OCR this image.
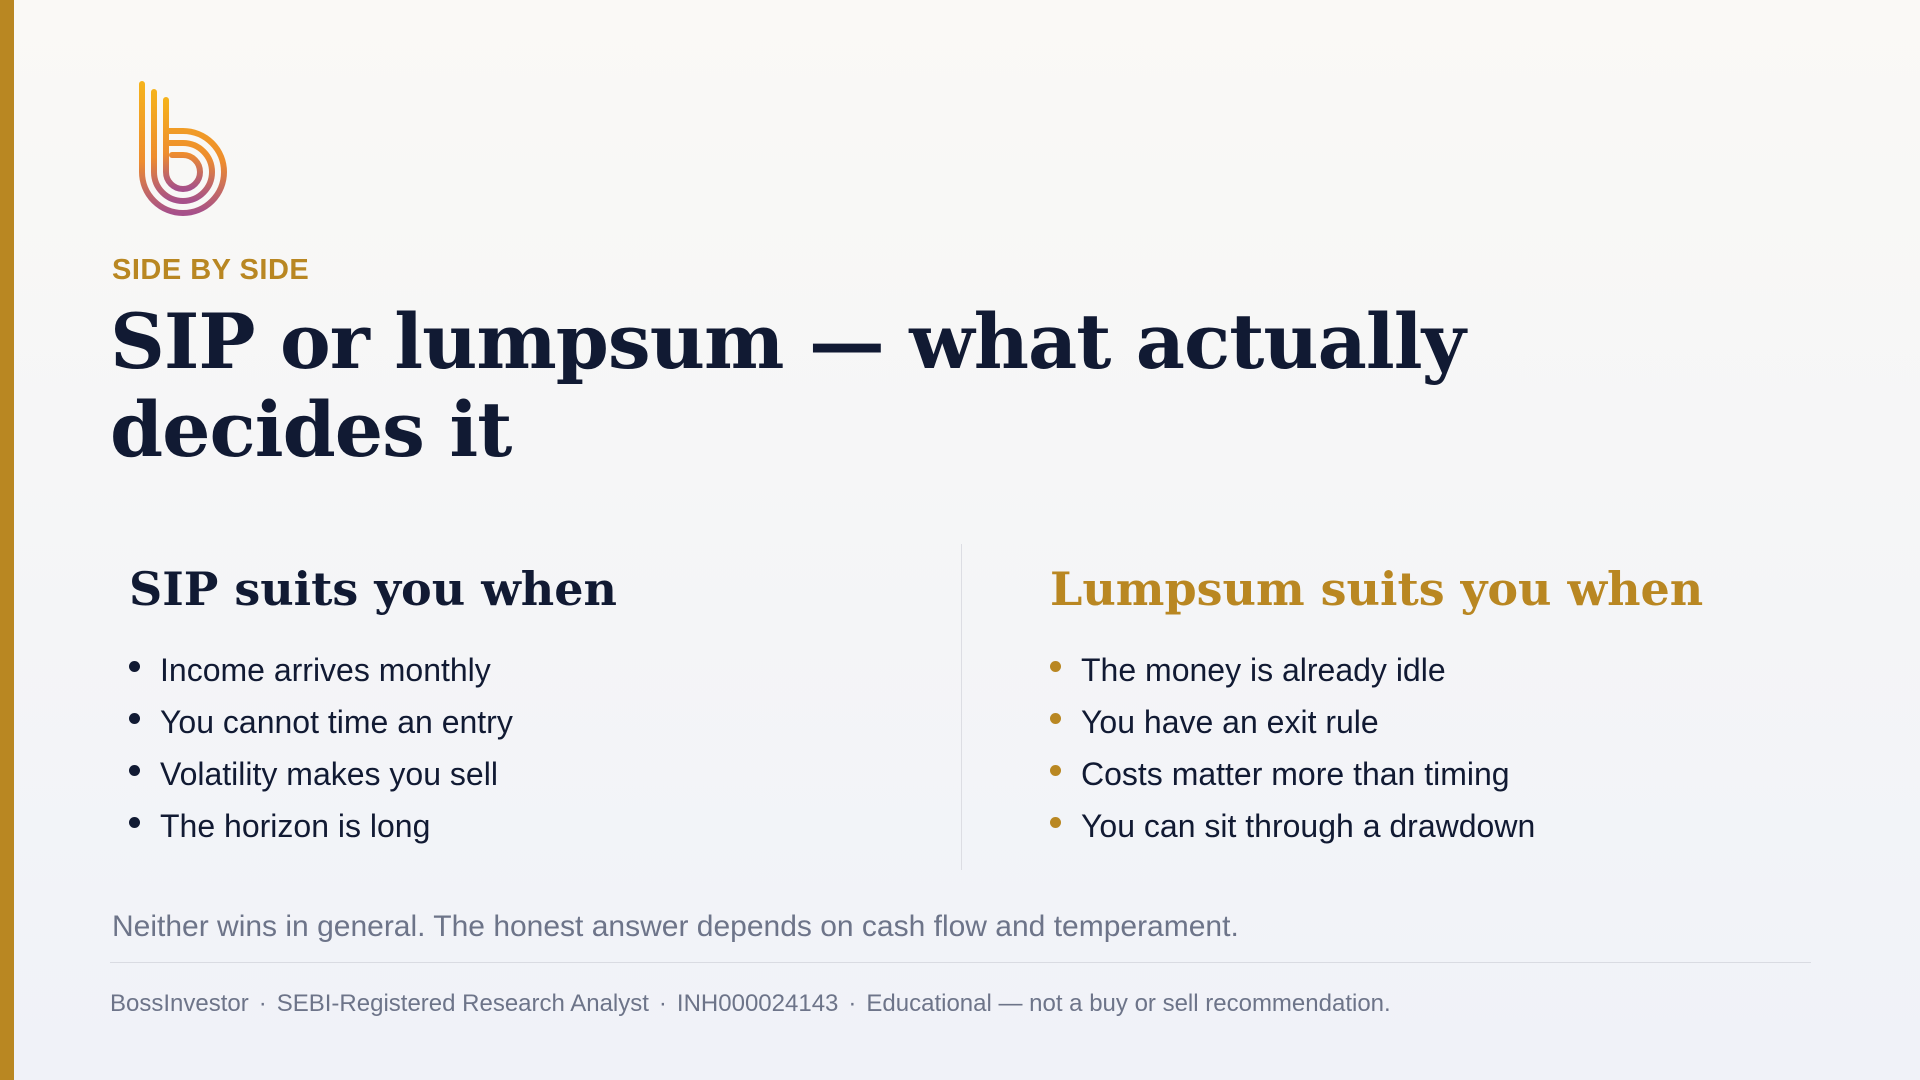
SIDE BY SIDE
SIP or lumpsum — what actually decides it
SIP suits you when
Income arrives monthly
You cannot time an entry
Volatility makes you sell
The horizon is long
Lumpsum suits you when
The money is already idle
You have an exit rule
Costs matter more than timing
You can sit through a drawdown
Neither wins in general. The honest answer depends on cash flow and temperament.
BossInvestor · SEBI-Registered Research Analyst · INH000024143 · Educational — not a buy or sell recommendation.
